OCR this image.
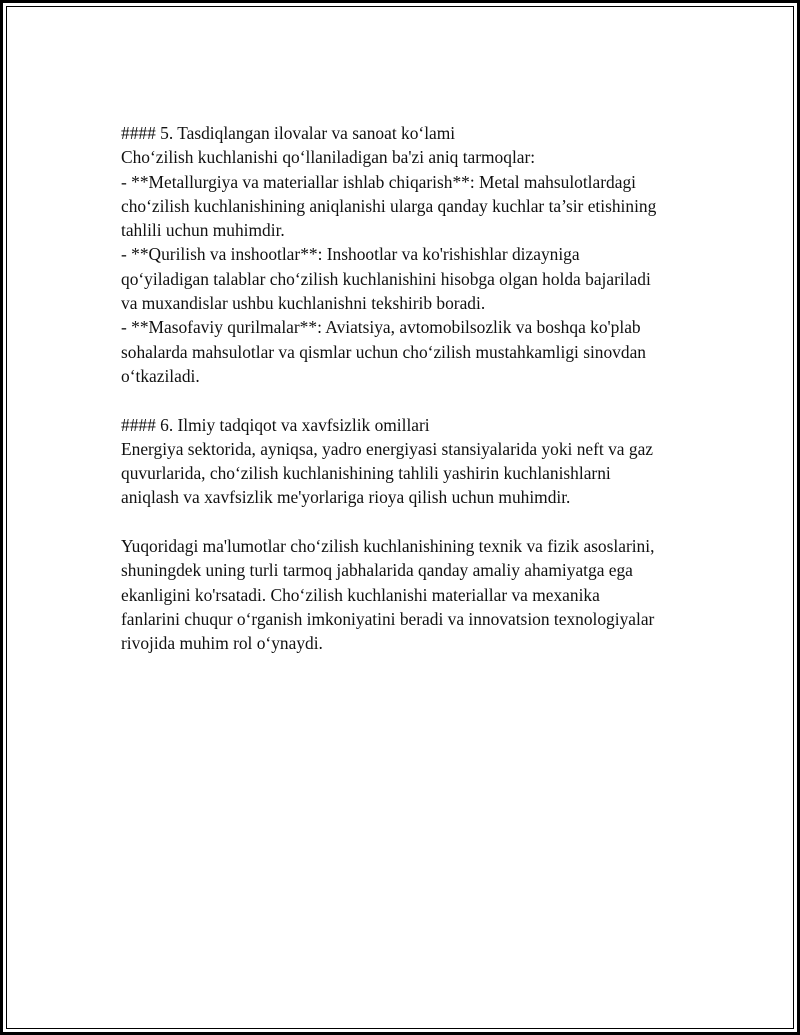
#### 5. Tasdiqlangan ilovalar va sanoat ko‘lami
Cho‘zilish kuchlanishi qo‘llaniladigan ba'zi aniq tarmoqlar:
- **Metallurgiya va materiallar ishlab chiqarish**: Metal mahsulotlardagi
cho‘zilish kuchlanishining aniqlanishi ularga qanday kuchlar ta’sir etishining
tahlili uchun muhimdir.
- **Qurilish va inshootlar**: Inshootlar va ko'rishishlar dizayniga
qo‘yiladigan talablar cho‘zilish kuchlanishini hisobga olgan holda bajariladi
va muxandislar ushbu kuchlanishni tekshirib boradi.
- **Masofaviy qurilmalar**: Aviatsiya, avtomobilsozlik va boshqa ko'plab
sohalarda mahsulotlar va qismlar uchun cho‘zilish mustahkamligi sinovdan
o‘tkaziladi.
#### 6. Ilmiy tadqiqot va xavfsizlik omillari
Energiya sektorida, ayniqsa, yadro energiyasi stansiyalarida yoki neft va gaz
quvurlarida, cho‘zilish kuchlanishining tahlili yashirin kuchlanishlarni
aniqlash va xavfsizlik me'yorlariga rioya qilish uchun muhimdir.
Yuqoridagi ma'lumotlar cho‘zilish kuchlanishining texnik va fizik asoslarini,
shuningdek uning turli tarmoq jabhalarida qanday amaliy ahamiyatga ega
ekanligini ko'rsatadi. Cho‘zilish kuchlanishi materiallar va mexanika
fanlarini chuqur o‘rganish imkoniyatini beradi va innovatsion texnologiyalar
rivojida muhim rol o‘ynaydi.
